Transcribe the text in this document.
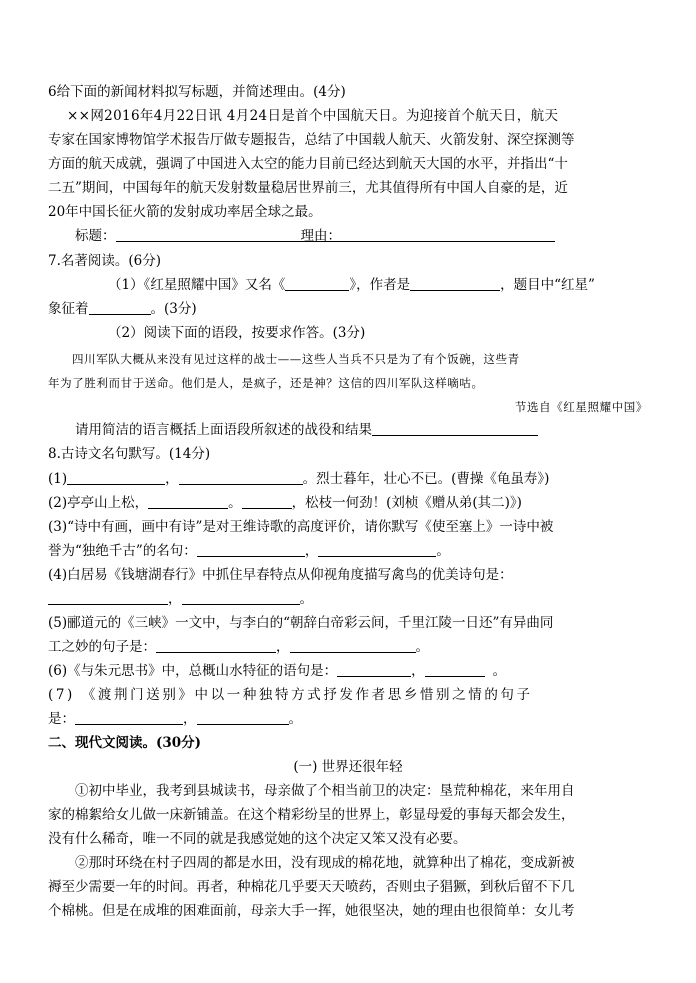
6给下面的新闻材料拟写标题，并简述理由。(4分)
××网2016年4月22日讯 4月24日是首个中国航天日。为迎接首个航天日，航天
专家在国家博物馆学术报告厅做专题报告，总结了中国载人航天、火箭发射、深空探测等
方面的航天成就，强调了中国进入太空的能力目前已经达到航天大国的水平，并指出“十
二五”期间，中国每年的航天发射数量稳居世界前三，尤其值得所有中国人自豪的是，近
20年中国长征火箭的发射成功率居全球之最。
标题：	理由：
7.名著阅读。(6分)
（1）《红星照耀中国》又名《	》，作者是	，题目中“红星”
象征着	。(3分)
（2）阅读下面的语段，按要求作答。(3分)
四川军队大概从来没有见过这样的战士——这些人当兵不只是为了有个饭碗，这些青
年为了胜利而甘于送命。他们是人，是疯子，还是神？这信的四川军队这样嘀咕。
节选自《红星照耀中国》
请用简洁的语言概括上面语段所叙述的战役和结果
8.古诗文名句默写。(14分)
(1)	，	。烈士暮年，壮心不已。(曹操《龟虽寿》)
(2)亭亭山上松，	。	，松枝一何劲！(刘桢《赠从弟(其二)》)
(3)“诗中有画，画中有诗”是对王维诗歌的高度评价，请你默写《使至塞上》一诗中被
誉为“独绝千古”的名句：	，	。
(4)白居易《钱塘湖春行》中抓住早春特点从仰视角度描写禽鸟的优美诗句是：
，	。
(5)郦道元的《三峡》一文中，与李白的“朝辞白帝彩云间，千里江陵一日还”有异曲同
工之妙的句子是：	，	。
(6)《与朱元思书》中，总概山水特征的语句是：	，	。
(7) 《渡荆门送别》中以一种独特方式抒发作者思乡惜别之情的句子
是：	，	。
二、现代文阅读。(30分)
(一) 世界还很年轻
①初中毕业，我考到县城读书，母亲做了个相当前卫的决定：垦荒种棉花，来年用自
家的棉絮给女儿做一床新铺盖。在这个精彩纷呈的世界上，彰显母爱的事每天都会发生，
没有什么稀奇，唯一不同的就是我感觉她的这个决定又笨又没有必要。
②那时环绕在村子四周的都是水田，没有现成的棉花地，就算种出了棉花，变成新被
褥至少需要一年的时间。再者，种棉花几乎要天天喷药，否则虫子猖獗，到秋后留不下几
个棉桃。但是在成堆的困难面前，母亲大手一挥，她很坚决，她的理由也很简单：女儿考
